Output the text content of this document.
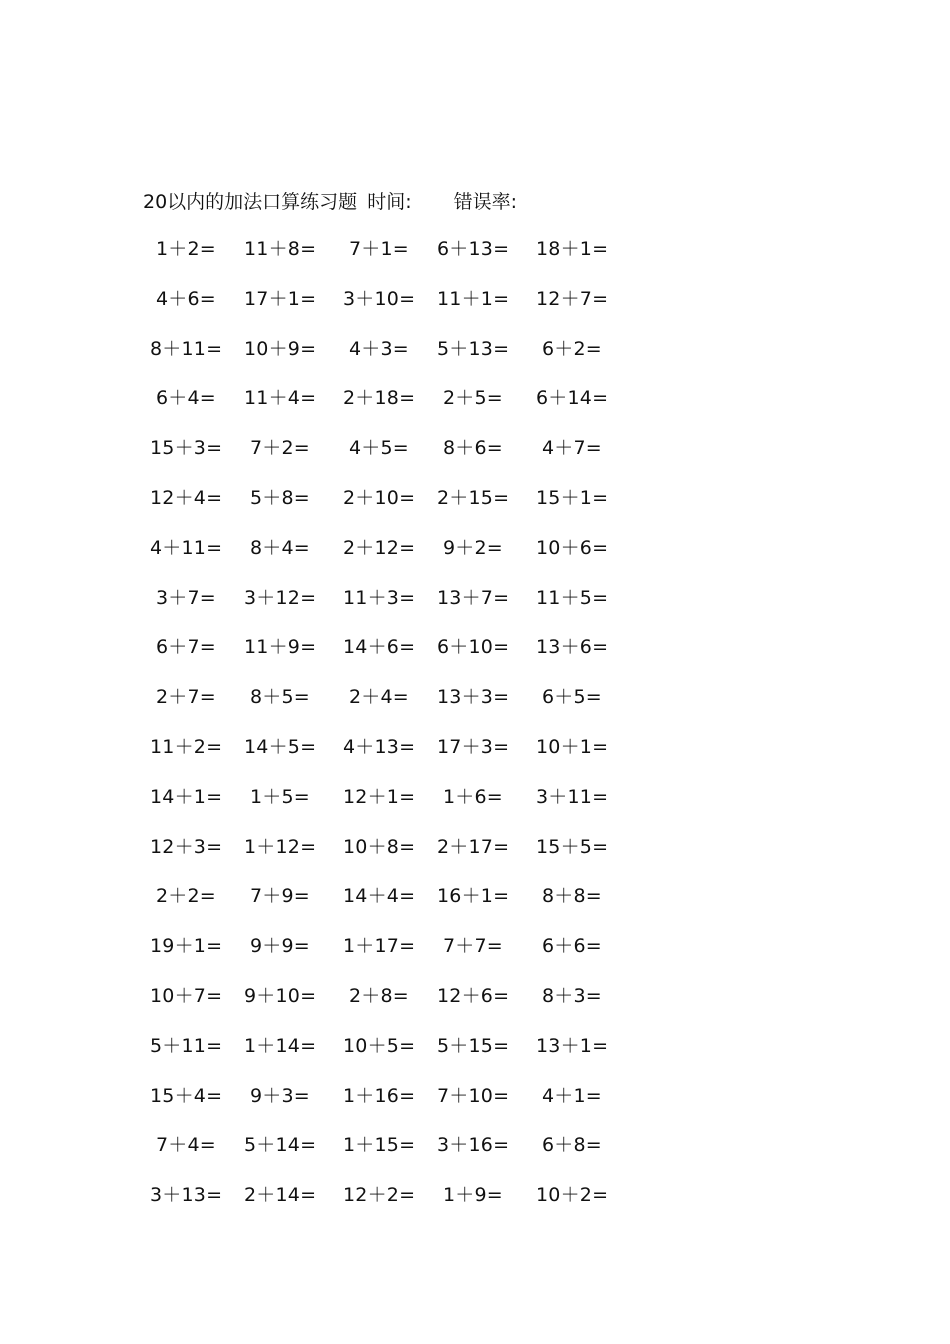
20以内的加法口算练习题 时间: 错误率:
1＋2= 11＋8= 7＋1= 6＋13= 18＋1=
4＋6= 17＋1= 3＋10= 11＋1= 12＋7=
8＋11= 10＋9= 4＋3= 5＋13= 6＋2=
6＋4= 11＋4= 2＋18= 2＋5= 6＋14=
15＋3= 7＋2= 4＋5= 8＋6= 4＋7=
12＋4= 5＋8= 2＋10= 2＋15= 15＋1=
4＋11= 8＋4= 2＋12= 9＋2= 10＋6=
3＋7= 3＋12= 11＋3= 13＋7= 11＋5=
6＋7= 11＋9= 14＋6= 6＋10= 13＋6=
2＋7= 8＋5= 2＋4= 13＋3= 6＋5=
11＋2= 14＋5= 4＋13= 17＋3= 10＋1=
14＋1= 1＋5= 12＋1= 1＋6= 3＋11=
12＋3= 1＋12= 10＋8= 2＋17= 15＋5=
2＋2= 7＋9= 14＋4= 16＋1= 8＋8=
19＋1= 9＋9= 1＋17= 7＋7= 6＋6=
10＋7= 9＋10= 2＋8= 12＋6= 8＋3=
5＋11= 1＋14= 10＋5= 5＋15= 13＋1=
15＋4= 9＋3= 1＋16= 7＋10= 4＋1=
7＋4= 5＋14= 1＋15= 3＋16= 6＋8=
3＋13= 2＋14= 12＋2= 1＋9= 10＋2=
